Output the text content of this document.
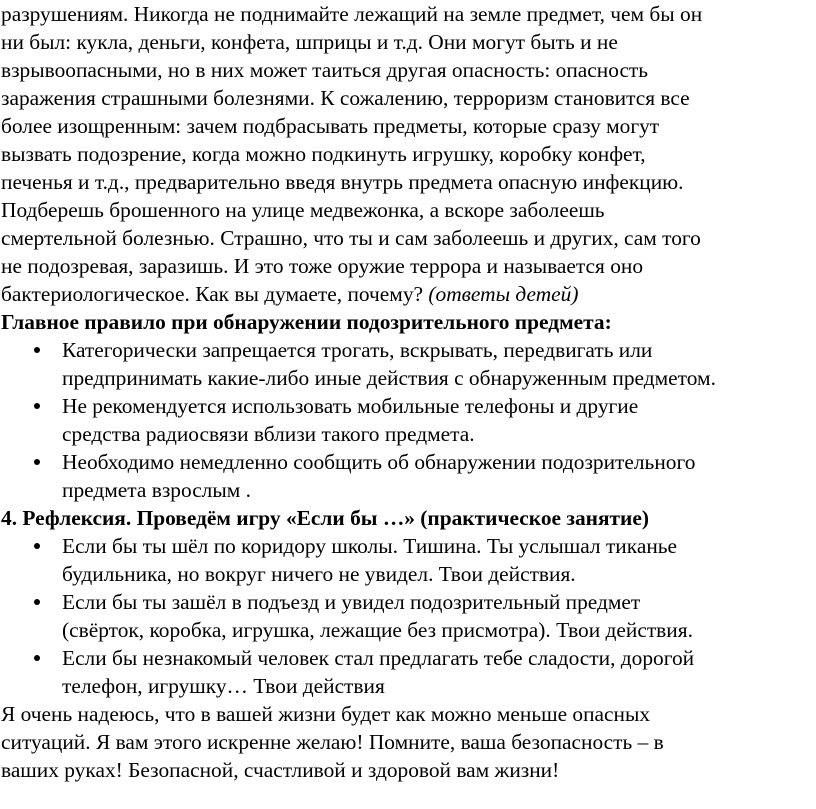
разрушениям. Никогда не поднимайте лежащий на земле предмет, чем бы он
ни был: кукла, деньги, конфета, шприцы и т.д. Они могут быть и не
взрывоопасными, но в них может таиться другая опасность: опасность
заражения страшными болезнями. К сожалению, терроризм становится все
более изощренным: зачем подбрасывать предметы, которые сразу могут
вызвать подозрение, когда можно подкинуть игрушку, коробку конфет,
печенья и т.д., предварительно введя внутрь предмета опасную инфекцию.
Подберешь брошенного на улице медвежонка, а вскоре заболеешь
смертельной болезнью. Страшно, что ты и сам заболеешь и других, сам того
не подозревая, заразишь. И это тоже оружие террора и называется оно
бактериологическое. Как вы думаете, почему? (ответы детей)
Главное правило при обнаружении подозрительного предмета:
Категорически запрещается трогать, вскрывать, передвигать или
предпринимать какие-либо иные действия с обнаруженным предметом.
Не рекомендуется использовать мобильные телефоны и другие
средства радиосвязи вблизи такого предмета.
Необходимо немедленно сообщить об обнаружении подозрительного
предмета взрослым .
4. Рефлексия. Проведём игру «Если бы …» (практическое занятие)
Если бы ты шёл по коридору школы. Тишина. Ты услышал тиканье
будильника, но вокруг ничего не увидел. Твои действия.
Если бы ты зашёл в подъезд и увидел подозрительный предмет
(свёрток, коробка, игрушка, лежащие без присмотра). Твои действия.
Если бы незнакомый человек стал предлагать тебе сладости, дорогой
телефон, игрушку… Твои действия
Я очень надеюсь, что в вашей жизни будет как можно меньше опасных
ситуаций. Я вам этого искренне желаю! Помните, ваша безопасность – в
ваших руках! Безопасной, счастливой и здоровой вам жизни!
